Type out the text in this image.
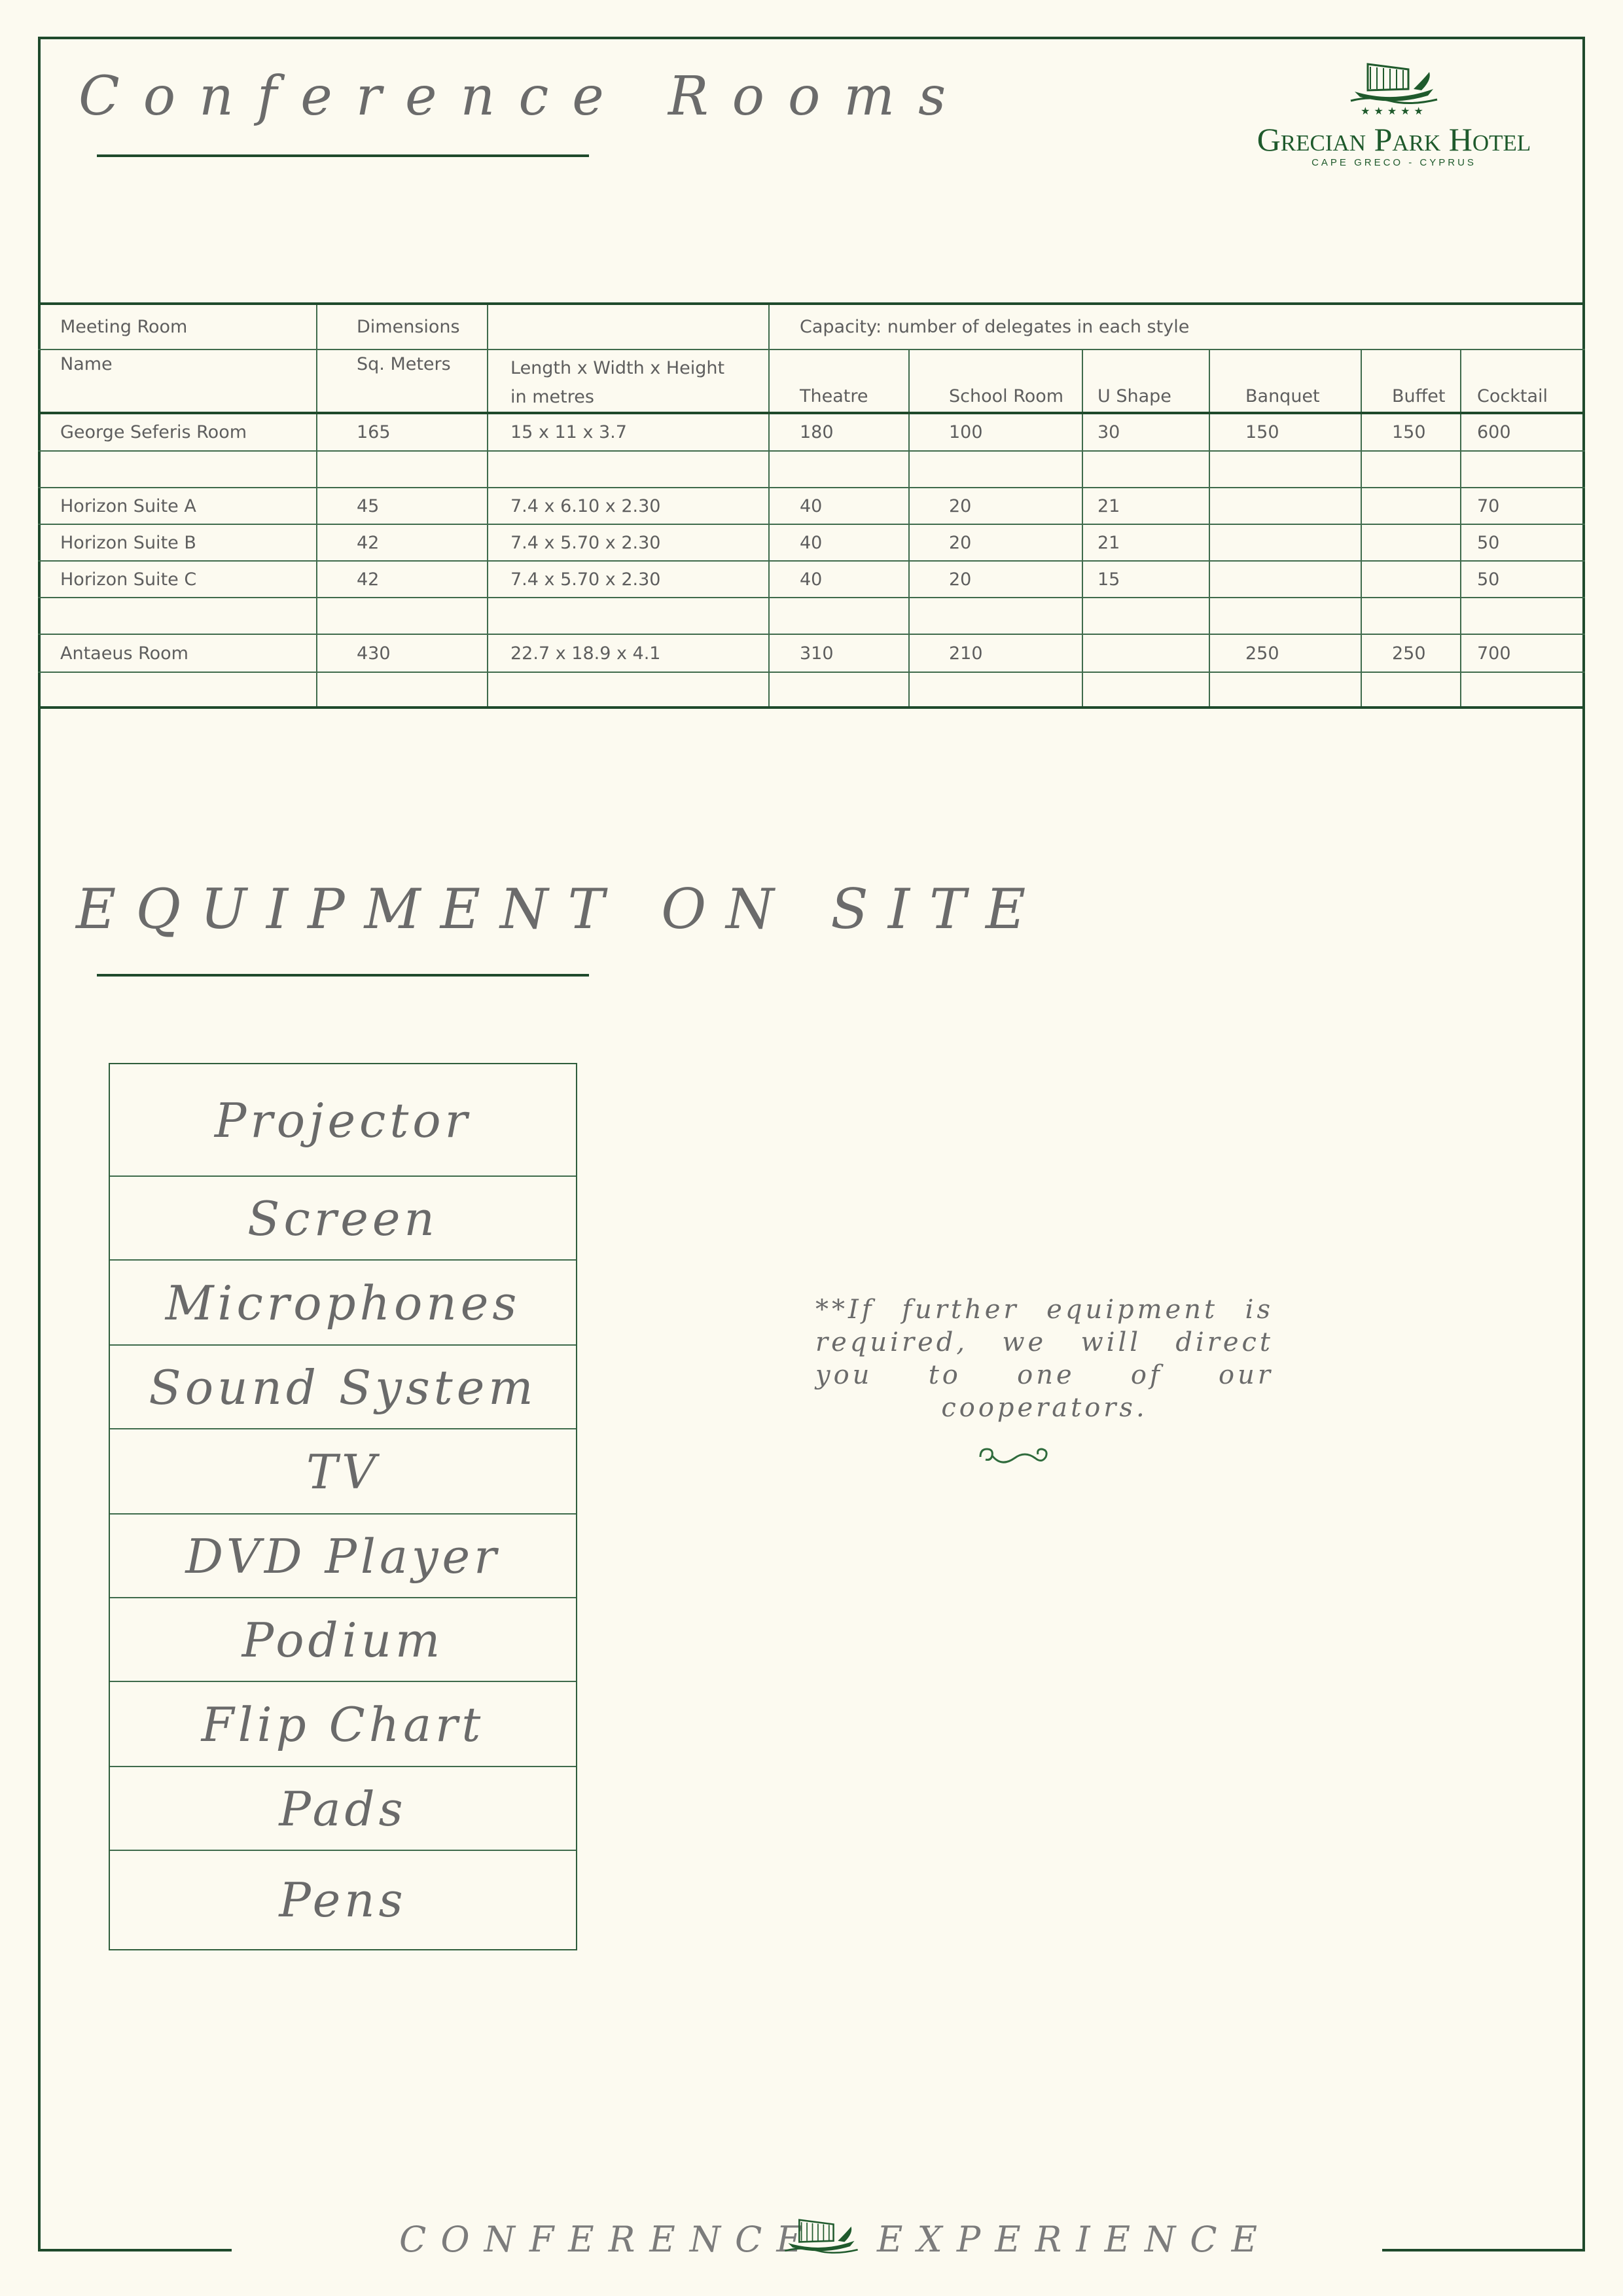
Conference Rooms	★★★★★
Grecian Park Hotel
CAPE GRECO - CYPRUS
Meeting Room	Dimensions		Capacity: number of delegates in each style					
Name	Sq. Meters	Length x Width x Height in metres	Theatre	School Room	U Shape	Banquet	Buffet	Cocktail
George Seferis Room	165	15 x 11 x 3.7	180	100	30	150	150	600

Horizon Suite A	45	7.4 x 6.10 x 2.30	40	20	21			70
Horizon Suite B	42	7.4 x 5.70 x 2.30	40	20	21			50
Horizon Suite C	42	7.4 x 5.70 x 2.30	40	20	15			50

Antaeus Room	430	22.7 x 18.9 x 4.1	310	210		250	250	700

EQUIPMENT ON SITE
Projector
Screen
Microphones
Sound System
TV
DVD Player
Podium
Flip Chart
Pads
Pens
**If further equipment is required, we will direct you to one of our cooperators.
CONFERENCE EXPERIENCE
